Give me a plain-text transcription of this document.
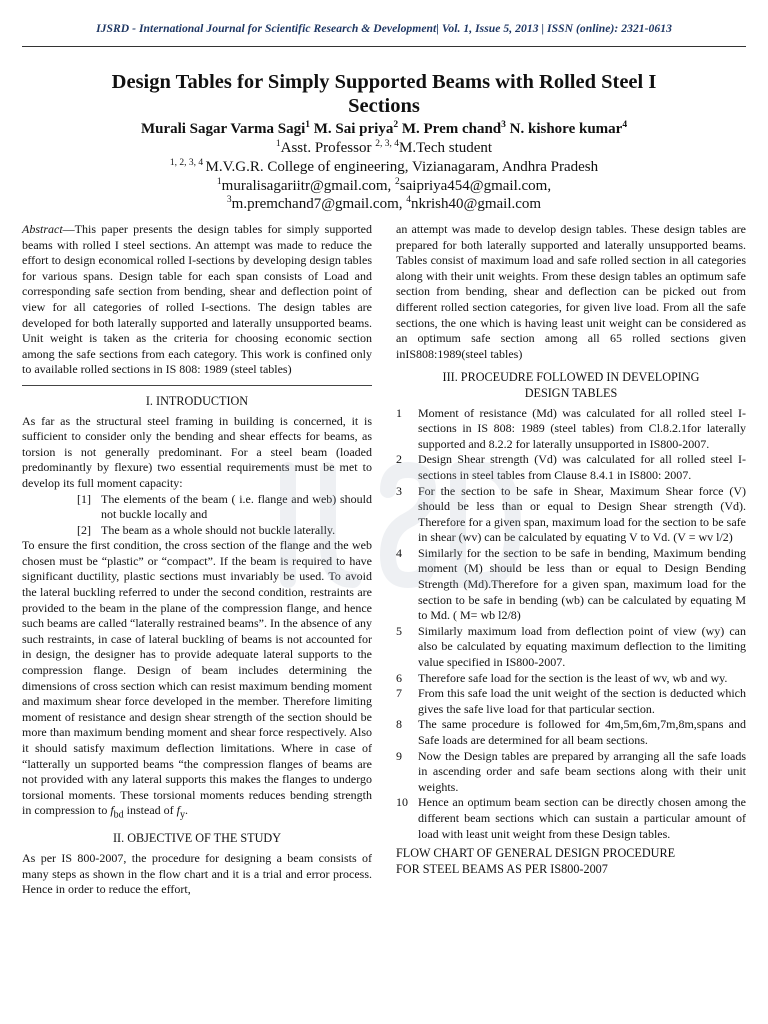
IJSRD - International Journal for Scientific Research & Development| Vol. 1, Issue 5, 2013 | ISSN (online): 2321-0613
Design Tables for Simply Supported Beams with Rolled Steel I
Sections
Murali Sagar Varma Sagi$^1$ M. Sai priya$^2$ M. Prem chand$^3$ N. kishore kumar$^4$
$^1$Asst. Professor $^{2, 3, 4}$M.Tech student
$^{1, 2, 3, 4}$ M.V.G.R. College of engineering, Vizianagaram, Andhra Pradesh
$^1$muralisagariitr@gmail.com, $^2$saipriya454@gmail.com,
$^3$m.premchand7@gmail.com, $^4$nkrish40@gmail.com

Abstract—This paper presents the design tables for simply supported beams with rolled I steel sections. An attempt was made to reduce the effort to design economical rolled I-sections by developing design tables for various spans. Design table for each span consists of Load and corresponding safe section from bending, shear and deflection point of view for all categories of rolled I-sections. The design tables are developed for both laterally supported and laterally unsupported beams. Unit weight is taken as the criteria for choosing economic section among the safe sections from each category. This work is confined only to available rolled sections in IS 808: 1989 (steel tables)

I. INTRODUCTION

As far as the structural steel framing in building is concerned, it is sufficient to consider only the bending and shear effects for beams, as torsion is not generally predominant. For a steel beam (loaded predominantly by flexure) two essential requirements must be met to develop its full moment capacity:

[1] The elements of the beam ( i.e. flange and web) should not buckle locally and
[2] The beam as a whole should not buckle laterally.

To ensure the first condition, the cross section of the flange and the web chosen must be “plastic” or “compact”. If the beam is required to have significant ductility, plastic sections must invariably be used. To avoid the lateral buckling referred to under the second condition, restraints are provided to the beam in the plane of the compression flange, and hence such beams are called “laterally restrained beams”. In the absence of any such restraints, in case of lateral buckling of beams is not accounted for in design, the designer has to provide adequate lateral supports to the compression flange. Design of beam includes determining the dimensions of cross section which can resist maximum bending moment and maximum shear force developed in the member. Therefore limiting moment of resistance and design shear strength of the section should be more than maximum bending moment and shear force respectively. Also it should satisfy maximum deflection limitations. Where in case of “latterally un supported beams “the compression flanges of beams are not provided with any lateral supports this makes the flanges to undergo torsional moments. These torsional moments reduces bending strength in compression to $f_{bd}$ instead of $f_y$.

II. OBJECTIVE OF THE STUDY

As per IS 800-2007, the procedure for designing a beam consists of many steps as shown in the flow chart and it is a trial and error process. Hence in order to reduce the effort,

an attempt was made to develop design tables. These design tables are prepared for both laterally supported and laterally unsupported beams. Tables consist of maximum load and safe rolled section in all categories along with their unit weights. From these design tables an optimum safe section from bending, shear and deflection can be picked out from different rolled section categories, for given live load. From all the safe sections, the one which is having least unit weight can be considered as an optimum safe section among all 65 rolled sections given inIS808:1989(steel tables)

III. PROCEUDRE FOLLOWED IN DEVELOPING
DESIGN TABLES
1	Moment of resistance (Md) was calculated for all rolled steel I-sections in IS 808: 1989 (steel tables) from Cl.8.2.1for laterally supported and 8.2.2 for laterally unsupported in IS800-2007.
2	Design Shear strength (Vd) was calculated for all rolled steel I-sections in steel tables from Clause 8.4.1 in IS800: 2007.
3	For the section to be safe in Shear, Maximum Shear force (V) should be less than or equal to Design Shear strength (Vd). Therefore for a given span, maximum load for the section to be safe in shear (wv) can be calculated by equating V to Vd. (V = wv l/2)
4	Similarly for the section to be safe in bending, Maximum bending moment (M) should be less than or equal to Design Bending Strength (Md).Therefore for a given span, maximum load for the section to be safe in bending (wb) can be calculated by equating M to Md. ( M= wb l2/8)
5	Similarly maximum load from deflection point of view (wy) can also be calculated by equating maximum deflection to the limiting value specified in IS800-2007.
6	Therefore safe load for the section is the least of wv, wb and wy.
7	From this safe load the unit weight of the section is deducted which gives the safe live load for that particular section.
8	The same procedure is followed for 4m,5m,6m,7m,8m,spans and Safe loads are determined for all beam sections.
9	Now the Design tables are prepared by arranging all the safe loads in ascending order and safe beam sections along with their unit weights.
10 Hence an optimum beam section can be directly chosen among the different beam sections which can sustain a particular amount of load with least unit weight from these Design tables.
FLOW CHART OF GENERAL DESIGN PROCEDURE
FOR STEEL BEAMS AS PER IS800-2007
